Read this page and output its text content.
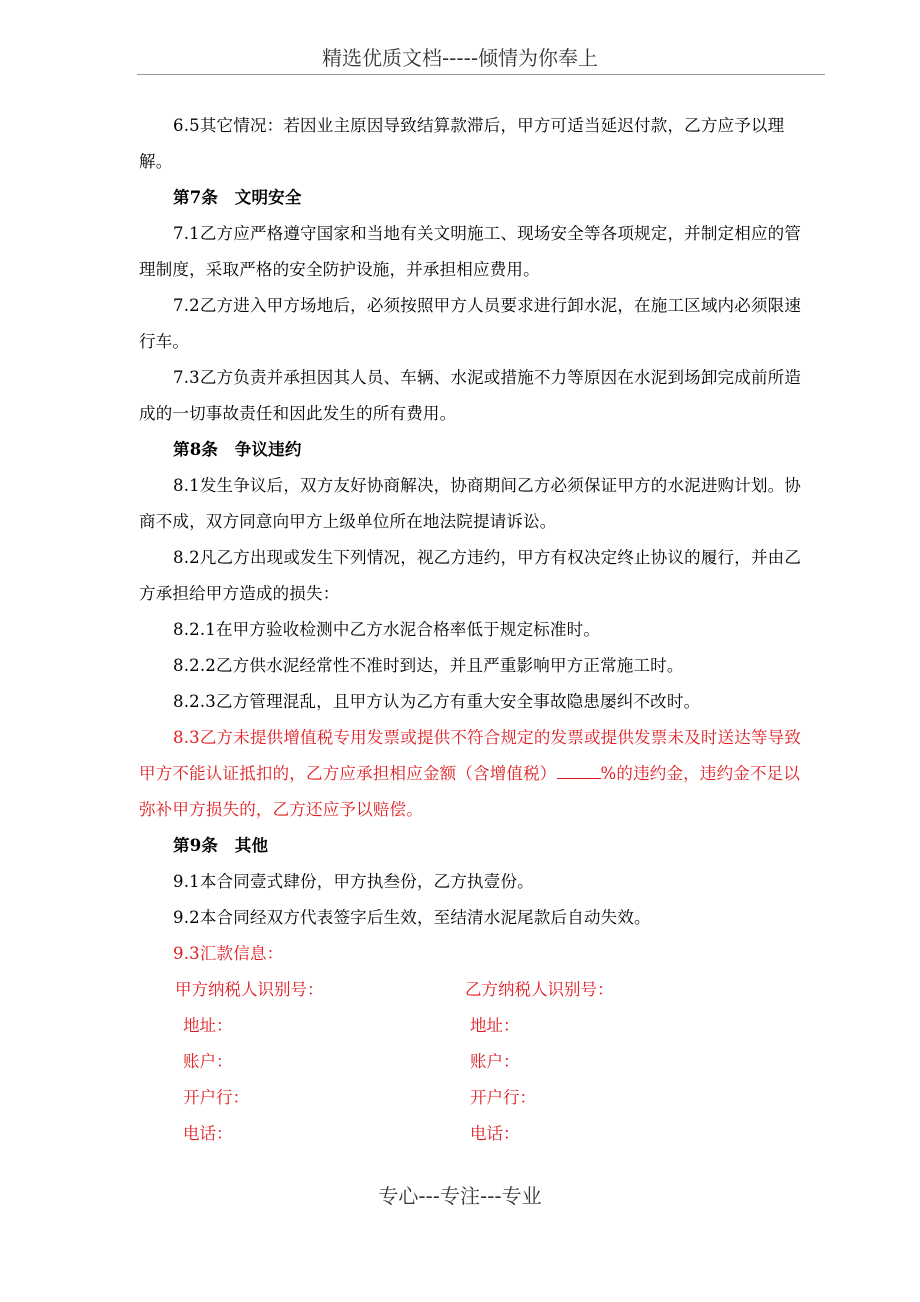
精选优质文档-----倾情为你奉上

6.5其它情况：若因业主原因导致结算款滞后，甲方可适当延迟付款，乙方应予以理解。

第7条　文明安全

7.1乙方应严格遵守国家和当地有关文明施工、现场安全等各项规定，并制定相应的管理制度，采取严格的安全防护设施，并承担相应费用。

7.2乙方进入甲方场地后，必须按照甲方人员要求进行卸水泥，在施工区域内必须限速行车。

7.3乙方负责并承担因其人员、车辆、水泥或措施不力等原因在水泥到场卸完成前所造成的一切事故责任和因此发生的所有费用。

第8条　争议违约

8.1发生争议后，双方友好协商解决，协商期间乙方必须保证甲方的水泥进购计划。协商不成，双方同意向甲方上级单位所在地法院提请诉讼。

8.2凡乙方出现或发生下列情况，视乙方违约，甲方有权决定终止协议的履行，并由乙方承担给甲方造成的损失：

8.2.1在甲方验收检测中乙方水泥合格率低于规定标准时。

8.2.2乙方供水泥经常性不准时到达，并且严重影响甲方正常施工时。

8.2.3乙方管理混乱，且甲方认为乙方有重大安全事故隐患屡纠不改时。

8.3乙方未提供增值税专用发票或提供不符合规定的发票或提供发票未及时送达等导致甲方不能认证抵扣的，乙方应承担相应金额（含增值税）	%的违约金，违约金不足以弥补甲方损失的，乙方还应予以赔偿。

第9条　其他

9.1本合同壹式肆份，甲方执叁份，乙方执壹份。

9.2本合同经双方代表签字后生效，至结清水泥尾款后自动失效。

9.3汇款信息：

甲方纳税人识别号：
地址：
账户：
开户行：
电话：
乙方纳税人识别号：
地址：
账户：
开户行：
电话：
专心---专注---专业
